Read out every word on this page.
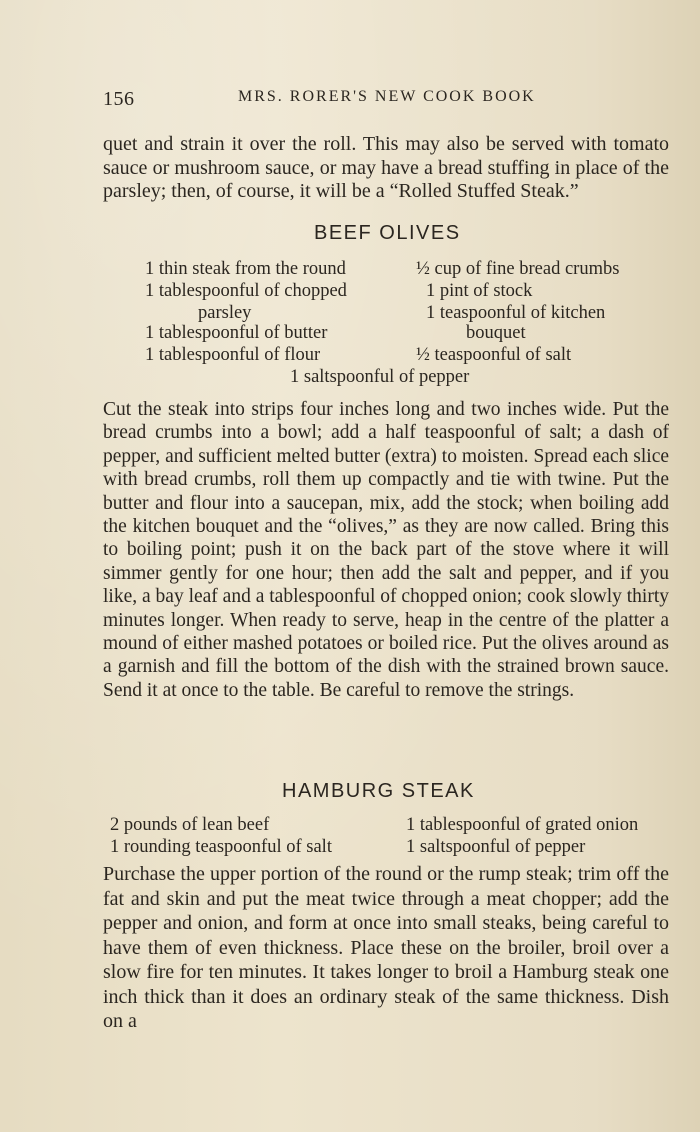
156	MRS. RORER'S NEW COOK BOOK

quet and strain it over the roll. This may also be served with tomato sauce or mushroom sauce, or may have a bread stuffing in place of the parsley; then, of course, it will be a “Rolled Stuffed Steak.”

BEEF OLIVES
1 thin steak from the round
1 tablespoonful of chopped
parsley
1 tablespoonful of butter
1 tablespoonful of flour
½ cup of fine bread crumbs
1 pint of stock
1 teaspoonful of kitchen
bouquet
½ teaspoonful of salt
1 saltspoonful of pepper

Cut the steak into strips four inches long and two inches wide. Put the bread crumbs into a bowl; add a half teaspoonful of salt; a dash of pepper, and sufficient melted butter (extra) to moisten. Spread each slice with bread crumbs, roll them up compactly and tie with twine. Put the butter and flour into a saucepan, mix, add the stock; when boiling add the kitchen bouquet and the “olives,” as they are now called. Bring this to boiling point; push it on the back part of the stove where it will simmer gently for one hour; then add the salt and pepper, and if you like, a bay leaf and a tablespoonful of chopped onion; cook slowly thirty minutes longer. When ready to serve, heap in the centre of the platter a mound of either mashed potatoes or boiled rice. Put the olives around as a garnish and fill the bottom of the dish with the strained brown sauce. Send it at once to the table. Be careful to remove the strings.

HAMBURG STEAK
2 pounds of lean beef
1 rounding teaspoonful of salt
1 tablespoonful of grated onion
1 saltspoonful of pepper

Purchase the upper portion of the round or the rump steak; trim off the fat and skin and put the meat twice through a meat chopper; add the pepper and onion, and form at once into small steaks, being careful to have them of even thickness. Place these on the broiler, broil over a slow fire for ten minutes. It takes longer to broil a Hamburg steak one inch thick than it does an ordinary steak of the same thickness. Dish on a
